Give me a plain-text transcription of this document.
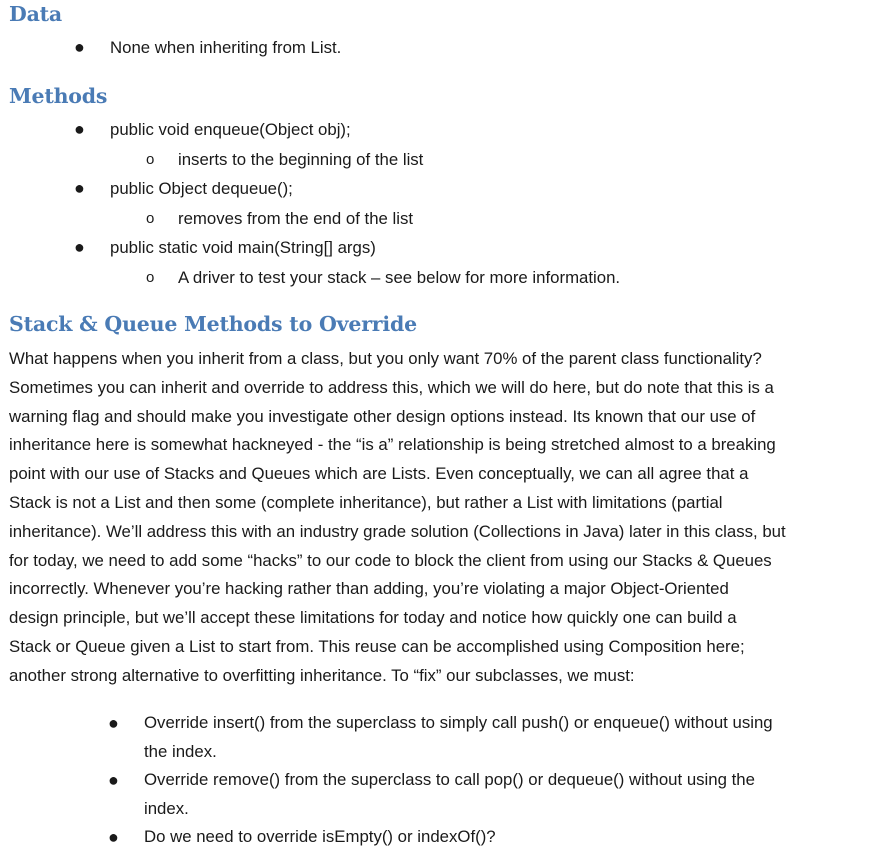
Data
● None when inheriting from List.
Methods
● public void enqueue(Object obj);
o inserts to the beginning of the list
● public Object dequeue();
o removes from the end of the list
● public static void main(String[] args)
o A driver to test your stack – see below for more information.
Stack & Queue Methods to Override
What happens when you inherit from a class, but you only want 70% of the parent class functionality?
Sometimes you can inherit and override to address this, which we will do here, but do note that this is a
warning flag and should make you investigate other design options instead. Its known that our use of
inheritance here is somewhat hackneyed - the “is a” relationship is being stretched almost to a breaking
point with our use of Stacks and Queues which are Lists. Even conceptually, we can all agree that a
Stack is not a List and then some (complete inheritance), but rather a List with limitations (partial
inheritance). We’ll address this with an industry grade solution (Collections in Java) later in this class, but
for today, we need to add some “hacks” to our code to block the client from using our Stacks & Queues
incorrectly. Whenever you’re hacking rather than adding, you’re violating a major Object-Oriented
design principle, but we’ll accept these limitations for today and notice how quickly one can build a
Stack or Queue given a List to start from. This reuse can be accomplished using Composition here;
another strong alternative to overfitting inheritance. To “fix” our subclasses, we must:
● Override insert() from the superclass to simply call push() or enqueue() without using
the index.
● Override remove() from the superclass to call pop() or dequeue() without using the
index.
● Do we need to override isEmpty() or indexOf()?
